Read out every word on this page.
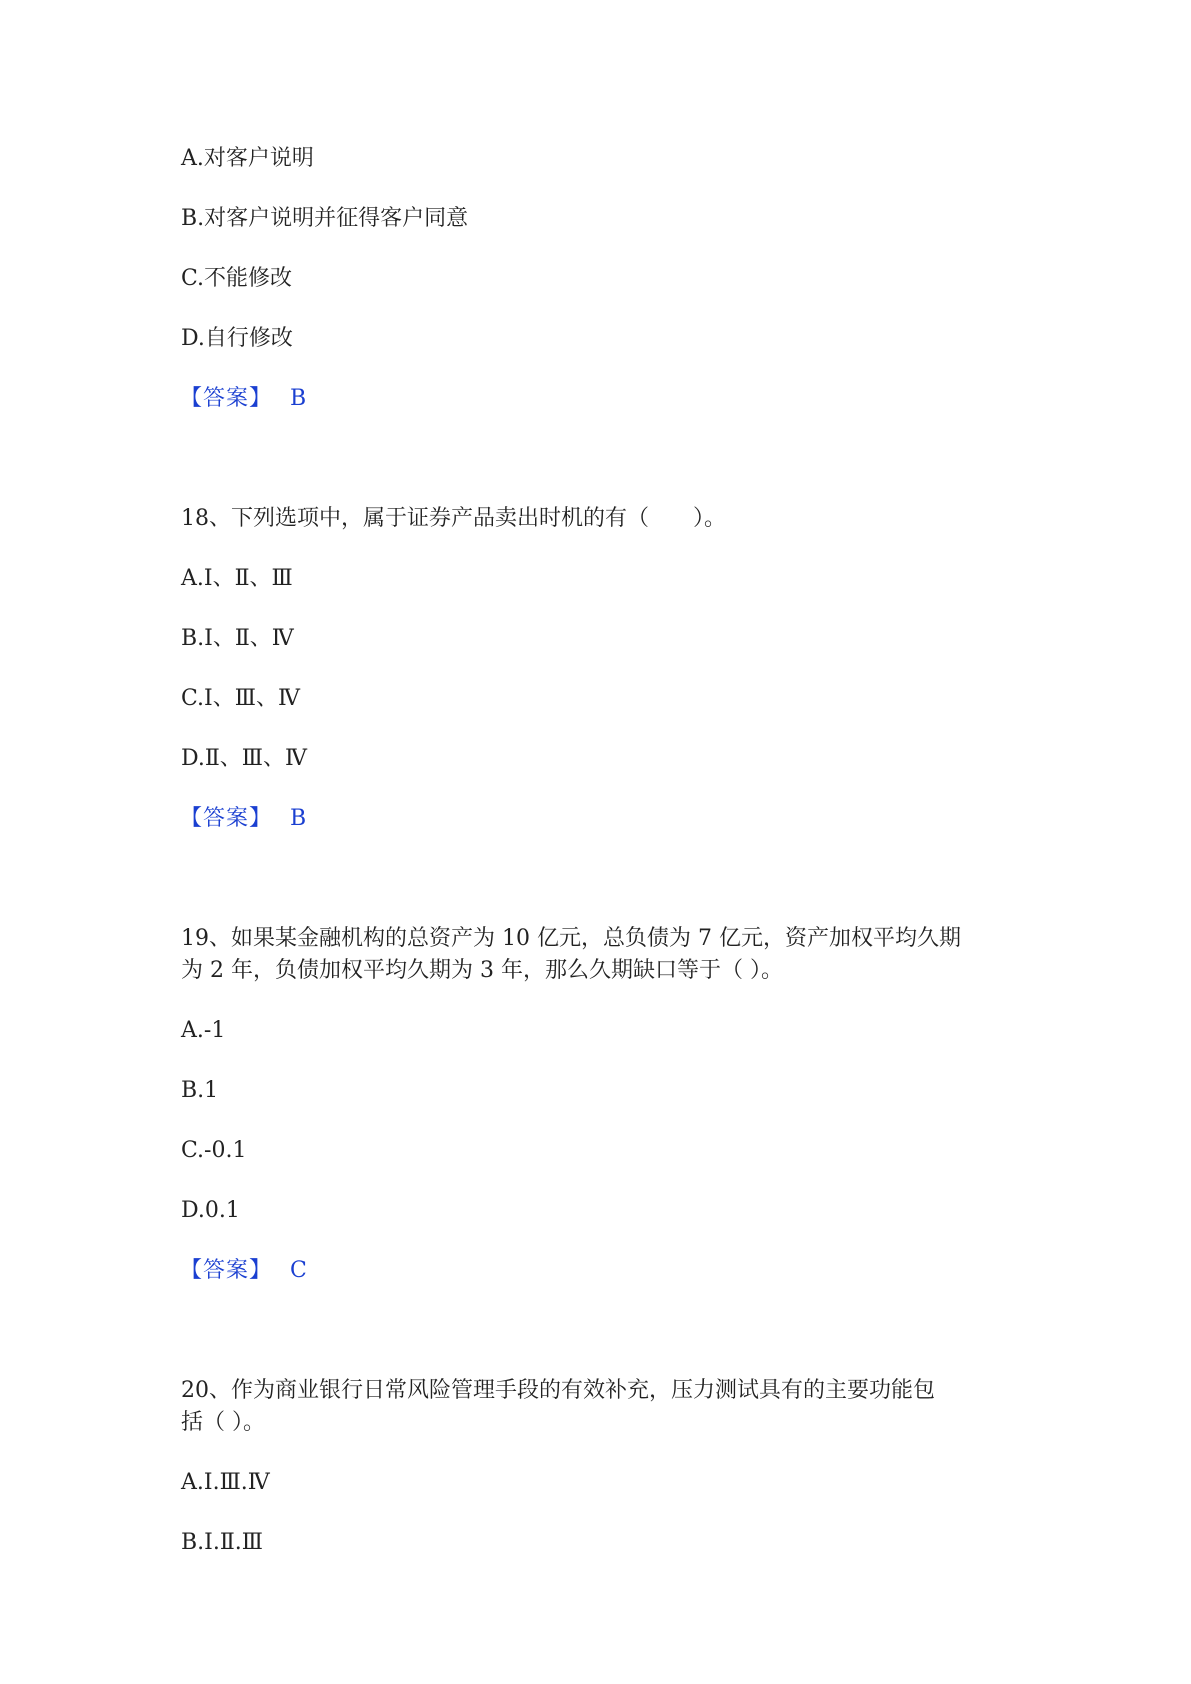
A.对客户说明
B.对客户说明并征得客户同意
C.不能修改
D.自行修改
【答案】 B
18、下列选项中，属于证券产品卖出时机的有（　　）。
A.Ⅰ、Ⅱ、Ⅲ
B.Ⅰ、Ⅱ、Ⅳ
C.Ⅰ、Ⅲ、Ⅳ
D.Ⅱ、Ⅲ、Ⅳ
【答案】 B
19、如果某金融机构的总资产为 10 亿元，总负债为 7 亿元，资产加权平均久期
为 2 年，负债加权平均久期为 3 年，那么久期缺口等于（ ）。
A.-1
B.1
C.-0.1
D.0.1
【答案】 C
20、作为商业银行日常风险管理手段的有效补充，压力测试具有的主要功能包
括（ ）。
A.Ⅰ.Ⅲ.Ⅳ
B.Ⅰ.Ⅱ.Ⅲ
